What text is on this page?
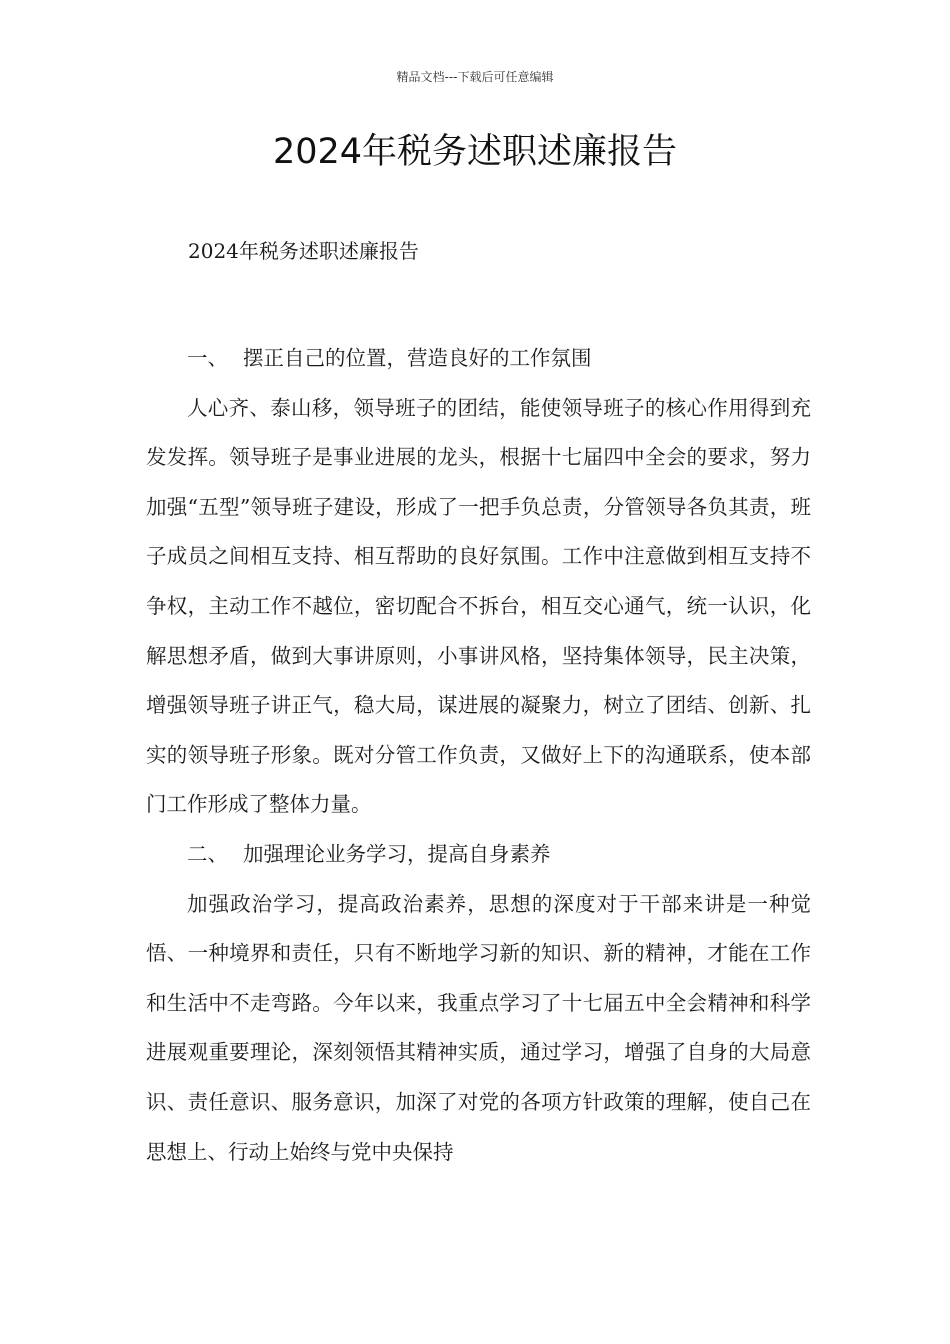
精品文档---下载后可任意编辑
2024年税务述职述廉报告

2024年税务述职述廉报告

一、 摆正自己的位置，营造良好的工作氛围

人心齐、泰山移，领导班子的团结，能使领导班子的核心作用得到充发发挥。领导班子是事业进展的龙头，根据十七届四中全会的要求，努力加强“五型”领导班子建设，形成了一把手负总责，分管领导各负其责，班子成员之间相互支持、相互帮助的良好氛围。工作中注意做到相互支持不争权，主动工作不越位，密切配合不拆台，相互交心通气，统一认识，化解思想矛盾，做到大事讲原则，小事讲风格，坚持集体领导，民主决策，增强领导班子讲正气，稳大局，谋进展的凝聚力，树立了团结、创新、扎实的领导班子形象。既对分管工作负责，又做好上下的沟通联系，使本部门工作形成了整体力量。

二、 加强理论业务学习，提高自身素养

加强政治学习，提高政治素养，思想的深度对于干部来讲是一种觉悟、一种境界和责任，只有不断地学习新的知识、新的精神，才能在工作和生活中不走弯路。今年以来，我重点学习了十七届五中全会精神和科学进展观重要理论，深刻领悟其精神实质，通过学习，增强了自身的大局意识、责任意识、服务意识，加深了对党的各项方针政策的理解，使自己在思想上、行动上始终与党中央保持
